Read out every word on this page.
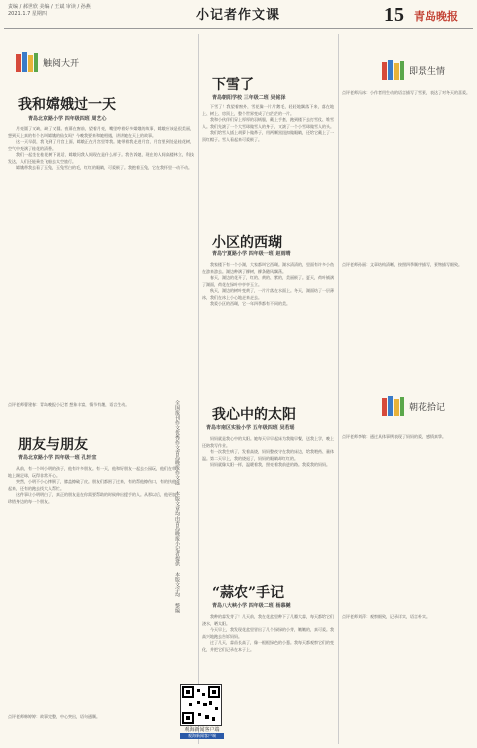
责编 / 郝世欣 美编 / 王斌 审读 / 孙燕
2021.1.7 星期四	小记者作文课	15 青岛晚报
触阅大开
我和嫦娥过一天
青岛北京路小学 四年级四班 周艺心

月亮圆了又缺，缺了又圆。夜幕在窗前，望着月亮，嘴里哼着好多嫦娥的故事，嫦娥应该是很美丽，想到天上真的有个名叫嫦娥的仙女吗？今晚我要来和她相遇，讲讲她在天上的故事。

这一天早晨，我飞到了月宫上面，嫦娥正在月宫里等我。她带着我走进月宫，月宫里到处是桂花树，空气中充满了桂花的清香。

我们一起坐在桂花树下说话，嫦娥问我人间现在是什么样子。我告诉她，现在的人间高楼林立，科技发达，人们还能乘坐飞船去太空旅行。

嫦娥带我去看了玉兔，玉兔雪白的毛，红红的眼睛，可爱极了。我抱着玉兔，它在我怀里一动不动。

点评老师曹建春：青岛晚报小记者 想象丰富，情节有趣，语言生动。
朋友与朋友
青岛北京路小学 四年级一班 孔轩宜

从前，有一个叫小明的孩子，他有许多朋友。有一天，他和好朋友一起去公园玩，他们在草地上踢足球，玩得非常开心。

突然，小明不小心摔倒了，膝盖擦破了皮。朋友们都围了过来，有的帮他擦伤口，有的扶他起来，还有的跑去找大人帮忙。

这件事让小明明白了，真正的朋友是在你需要帮助的时候伸出援手的人。从那以后，他更加珍惜身边的每一个朋友。

点评老师韩婷婷：故事完整，中心突出，语句通顺。
全国报刊作文优秀作文青岛晚报作文选 本版文章均由青岛晚报小记者提供 本版文字均 整编
观海新闻客户端
观海新闻客户端
下雪了
青岛朝阳学校 三年级二班 吴铭泽

下雪了！我望着窗外，雪花像一片片鹅毛，轻轻地飘落下来，落在地上、树上、房顶上，整个世界变成了白茫茫的一片。

我和小伙伴们穿上厚厚的羽绒服，戴上手套，跑到楼下去打雪仗、堆雪人。我们先滚了一个大雪球做雪人的身子，又滚了一个小雪球做雪人的头。

我们给雪人插上胡萝卜做鼻子，用两颗黑纽扣做眼睛，还给它戴上了一顶红帽子。雪人看起来可爱极了。

即景生情
点评老师冯冰：小作者用生动的语言描写了雪景，表达了对冬天的喜爱。
小区的西瑚
青岛宁夏路小学 四年级一班 赵雨晴

我家楼下有一个小湖，大家都叫它西瑚。湖水清清的，里面有许多小鱼在游来游去。湖边种满了柳树，柳条随风飘荡。

春天，湖边的花开了，红的、黄的、紫的，美丽极了。夏天，荷叶铺满了湖面，荷花在绿叶中亭亭玉立。

秋天，湖边的树叶变黄了，一片片落在水面上。冬天，湖面结了一层薄冰，我们在冰上小心地走来走去。

我爱小区的西瑚，它一年四季都有不同的美。

点评老师孙丽：文章结构清晰，按照四季顺序描写，景物描写细致。
朝花拾记
我心中的太阳
青岛市南区实验小学 五年级四班 吴若瑶

妈妈就是我心中的太阳。她每天早早起床为我做早餐，送我上学，晚上还陪我写作业。

有一次我生病了，发着高烧，妈妈整夜守在我的床边，给我喂药、量体温。第二天早上，我的烧退了，妈妈的眼睛却红红的。

妈妈就像太阳一样，温暖着我，照亮着我前进的路。我爱我的妈妈。

点评老师李敏：通过具体事例表现了妈妈的爱，感情真挚。
“蒜农”手记
青岛八大峡小学 四年级二班 杨慕樾

我种的蒜发芽了！几天前，我在花盆里种下了几瓣大蒜，每天都给它们浇水，晒太阳。

今天早上，我发现花盆里冒出了几个绿绿的小芽，嫩嫩的，真可爱。我高兴地跑去告诉妈妈。

过了几天，蒜苗长高了，像一根根绿色的小葱。我每天都观察它们的变化，并把它们记录在本子上。

点评老师刘萍：观察细致，记录详实，语言朴实。
